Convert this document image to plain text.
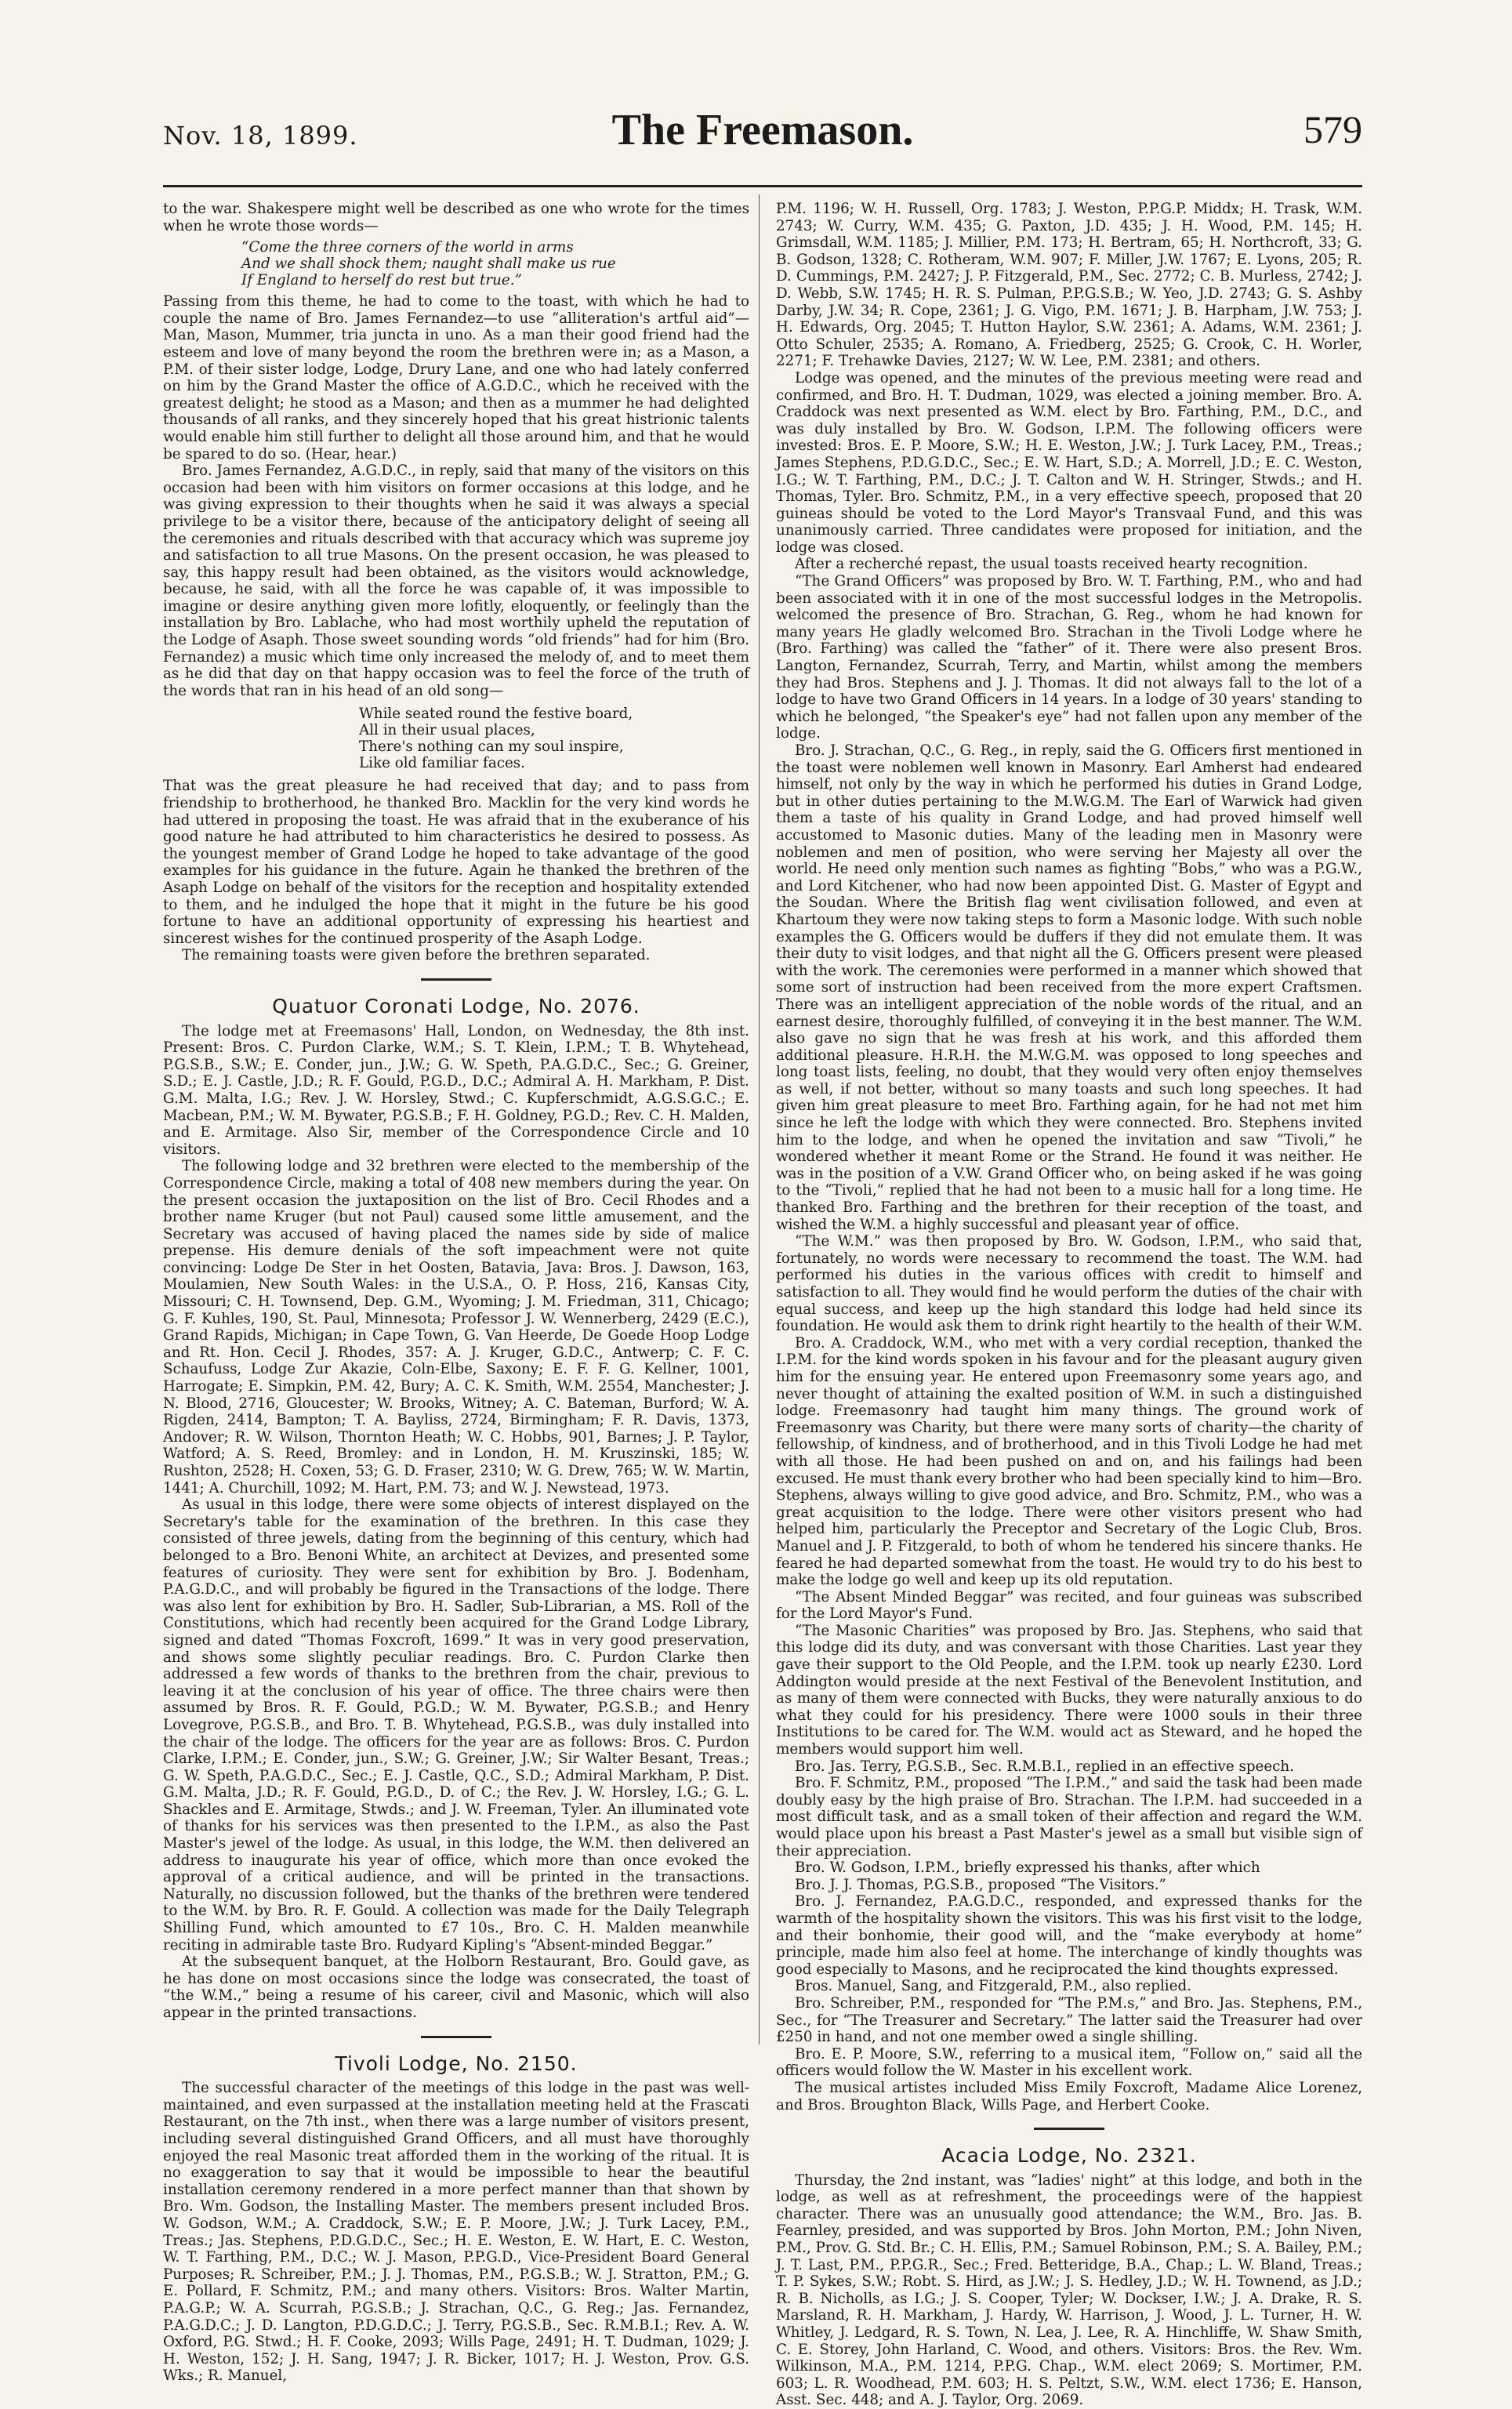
Nov. 18, 1899.	The Freemason.	579

to the war. Shakespere might well be described as one who wrote for the times when he wrote those words—

“Come the three corners of the world in arms
And we shall shock them; naught shall make us rue
If England to herself do rest but true.”

Passing from this theme, he had to come to the toast, with which he had to couple the name of Bro. James Fernandez—to use “alliteration's artful aid”—Man, Mason, Mummer, tria juncta in uno. As a man their good friend had the esteem and love of many beyond the room the brethren were in; as a Mason, a P.M. of their sister lodge, Lodge, Drury Lane, and one who had lately conferred on him by the Grand Master the office of A.G.D.C., which he received with the greatest delight; he stood as a Mason; and then as a mummer he had delighted thousands of all ranks, and they sincerely hoped that his great histrionic talents would enable him still further to delight all those around him, and that he would be spared to do so. (Hear, hear.)

Bro. James Fernandez, A.G.D.C., in reply, said that many of the visitors on this occasion had been with him visitors on former occasions at this lodge, and he was giving expression to their thoughts when he said it was always a special privilege to be a visitor there, because of the anticipatory delight of seeing all the ceremonies and rituals described with that accuracy which was supreme joy and satisfaction to all true Masons. On the present occasion, he was pleased to say, this happy result had been obtained, as the visitors would acknowledge, because, he said, with all the force he was capable of, it was impossible to imagine or desire anything given more lofitly, eloquently, or feelingly than the installation by Bro. Lablache, who had most worthily upheld the reputation of the Lodge of Asaph. Those sweet sounding words “old friends” had for him (Bro. Fernandez) a music which time only increased the melody of, and to meet them as he did that day on that happy occasion was to feel the force of the truth of the words that ran in his head of an old song—

While seated round the festive board,
All in their usual places,
There's nothing can my soul inspire,
Like old familiar faces.

That was the great pleasure he had received that day; and to pass from friendship to brotherhood, he thanked Bro. Macklin for the very kind words he had uttered in proposing the toast. He was afraid that in the exuberance of his good nature he had attributed to him characteristics he desired to possess. As the youngest member of Grand Lodge he hoped to take advantage of the good examples for his guidance in the future. Again he thanked the brethren of the Asaph Lodge on behalf of the visitors for the reception and hospitality extended to them, and he indulged the hope that it might in the future be his good fortune to have an additional opportunity of expressing his heartiest and sincerest wishes for the continued prosperity of the Asaph Lodge.

The remaining toasts were given before the brethren separated.

Quatuor Coronati Lodge, No. 2076.

The lodge met at Freemasons' Hall, London, on Wednesday, the 8th inst. Present: Bros. C. Purdon Clarke, W.M.; S. T. Klein, I.P.M.; T. B. Whytehead, P.G.S.B., S.W.; E. Conder, jun., J.W.; G. W. Speth, P.A.G.D.C., Sec.; G. Greiner, S.D.; E. J. Castle, J.D.; R. F. Gould, P.G.D., D.C.; Admiral A. H. Markham, P. Dist. G.M. Malta, I.G.; Rev. J. W. Horsley, Stwd.; C. Kupferschmidt, A.G.S.G.C.; E. Macbean, P.M.; W. M. Bywater, P.G.S.B.; F. H. Goldney, P.G.D.; Rev. C. H. Malden, and E. Armitage. Also Sir, member of the Correspondence Circle and 10 visitors.

The following lodge and 32 brethren were elected to the membership of the Correspondence Circle, making a total of 408 new members during the year. On the present occasion the juxtaposition on the list of Bro. Cecil Rhodes and a brother name Kruger (but not Paul) caused some little amusement, and the Secretary was accused of having placed the names side by side of malice prepense. His demure denials of the soft impeachment were not quite convincing: Lodge De Ster in het Oosten, Batavia, Java: Bros. J. Dawson, 163, Moulamien, New South Wales: in the U.S.A., O. P. Hoss, 216, Kansas City, Missouri; C. H. Townsend, Dep. G.M., Wyoming; J. M. Friedman, 311, Chicago; G. F. Kuhles, 190, St. Paul, Minnesota; Professor J. W. Wennerberg, 2429 (E.C.), Grand Rapids, Michigan; in Cape Town, G. Van Heerde, De Goede Hoop Lodge and Rt. Hon. Cecil J. Rhodes, 357: A. J. Kruger, G.D.C., Antwerp; C. F. C. Schaufuss, Lodge Zur Akazie, Coln-Elbe, Saxony; E. F. F. G. Kellner, 1001, Harrogate; E. Simpkin, P.M. 42, Bury; A. C. K. Smith, W.M. 2554, Manchester; J. N. Blood, 2716, Gloucester; W. Brooks, Witney; A. C. Bateman, Burford; W. A. Rigden, 2414, Bampton; T. A. Bayliss, 2724, Birmingham; F. R. Davis, 1373, Andover; R. W. Wilson, Thornton Heath; W. C. Hobbs, 901, Barnes; J. P. Taylor, Watford; A. S. Reed, Bromley: and in London, H. M. Kruszinski, 185; W. Rushton, 2528; H. Coxen, 53; G. D. Fraser, 2310; W. G. Drew, 765; W. W. Martin, 1441; A. Churchill, 1092; M. Hart, P.M. 73; and W. J. Newstead, 1973.

As usual in this lodge, there were some objects of interest displayed on the Secretary's table for the examination of the brethren. In this case they consisted of three jewels, dating from the beginning of this century, which had belonged to a Bro. Benoni White, an architect at Devizes, and presented some features of curiosity. They were sent for exhibition by Bro. J. Bodenham, P.A.G.D.C., and will probably be figured in the Transactions of the lodge. There was also lent for exhibition by Bro. H. Sadler, Sub-Librarian, a MS. Roll of the Constitutions, which had recently been acquired for the Grand Lodge Library, signed and dated “Thomas Foxcroft, 1699.” It was in very good preservation, and shows some slightly peculiar readings. Bro. C. Purdon Clarke then addressed a few words of thanks to the brethren from the chair, previous to leaving it at the conclusion of his year of office. The three chairs were then assumed by Bros. R. F. Gould, P.G.D.; W. M. Bywater, P.G.S.B.; and Henry Lovegrove, P.G.S.B., and Bro. T. B. Whytehead, P.G.S.B., was duly installed into the chair of the lodge. The officers for the year are as follows: Bros. C. Purdon Clarke, I.P.M.; E. Conder, jun., S.W.; G. Greiner, J.W.; Sir Walter Besant, Treas.; G. W. Speth, P.A.G.D.C., Sec.; E. J. Castle, Q.C., S.D.; Admiral Markham, P. Dist. G.M. Malta, J.D.; R. F. Gould, P.G.D., D. of C.; the Rev. J. W. Horsley, I.G.; G. L. Shackles and E. Armitage, Stwds.; and J. W. Freeman, Tyler. An illuminated vote of thanks for his services was then presented to the I.P.M., as also the Past Master's jewel of the lodge. As usual, in this lodge, the W.M. then delivered an address to inaugurate his year of office, which more than once evoked the approval of a critical audience, and will be printed in the transactions. Naturally, no discussion followed, but the thanks of the brethren were tendered to the W.M. by Bro. R. F. Gould. A collection was made for the Daily Telegraph Shilling Fund, which amounted to £7 10s., Bro. C. H. Malden meanwhile reciting in admirable taste Bro. Rudyard Kipling's “Absent-minded Beggar.”

At the subsequent banquet, at the Holborn Restaurant, Bro. Gould gave, as he has done on most occasions since the lodge was consecrated, the toast of “the W.M.,” being a resume of his career, civil and Masonic, which will also appear in the printed transactions.

Tivoli Lodge, No. 2150.

The successful character of the meetings of this lodge in the past was well-maintained, and even surpassed at the installation meeting held at the Frascati Restaurant, on the 7th inst., when there was a large number of visitors present, including several distinguished Grand Officers, and all must have thoroughly enjoyed the real Masonic treat afforded them in the working of the ritual. It is no exaggeration to say that it would be impossible to hear the beautiful installation ceremony rendered in a more perfect manner than that shown by Bro. Wm. Godson, the Installing Master. The members present included Bros. W. Godson, W.M.; A. Craddock, S.W.; E. P. Moore, J.W.; J. Turk Lacey, P.M., Treas.; Jas. Stephens, P.D.G.D.C., Sec.; H. E. Weston, E. W. Hart, E. C. Weston, W. T. Farthing, P.M., D.C.; W. J. Mason, P.P.G.D., Vice-President Board General Purposes; R. Schreiber, P.M.; J. J. Thomas, P.M., P.G.S.B.; W. J. Stratton, P.M.; G. E. Pollard, F. Schmitz, P.M.; and many others. Visitors: Bros. Walter Martin, P.A.G.P.; W. A. Scurrah, P.G.S.B.; J. Strachan, Q.C., G. Reg.; Jas. Fernandez, P.A.G.D.C.; J. D. Langton, P.D.G.D.C.; J. Terry, P.G.S.B., Sec. R.M.B.I.; Rev. A. W. Oxford, P.G. Stwd.; H. F. Cooke, 2093; Wills Page, 2491; H. T. Dudman, 1029; J. H. Weston, 152; J. H. Sang, 1947; J. R. Bicker, 1017; H. J. Weston, Prov. G.S. Wks.; R. Manuel,

P.M. 1196; W. H. Russell, Org. 1783; J. Weston, P.P.G.P. Middx; H. Trask, W.M. 2743; W. Curry, W.M. 435; G. Paxton, J.D. 435; J. H. Wood, P.M. 145; H. Grimsdall, W.M. 1185; J. Millier, P.M. 173; H. Bertram, 65; H. Northcroft, 33; G. B. Godson, 1328; C. Rotheram, W.M. 907; F. Miller, J.W. 1767; E. Lyons, 205; R. D. Cummings, P.M. 2427; J. P. Fitzgerald, P.M., Sec. 2772; C. B. Murless, 2742; J. D. Webb, S.W. 1745; H. R. S. Pulman, P.P.G.S.B.; W. Yeo, J.D. 2743; G. S. Ashby Darby, J.W. 34; R. Cope, 2361; J. G. Vigo, P.M. 1671; J. B. Harpham, J.W. 753; J. H. Edwards, Org. 2045; T. Hutton Haylor, S.W. 2361; A. Adams, W.M. 2361; J. Otto Schuler, 2535; A. Romano, A. Friedberg, 2525; G. Crook, C. H. Worler, 2271; F. Trehawke Davies, 2127; W. W. Lee, P.M. 2381; and others.

Lodge was opened, and the minutes of the previous meeting were read and confirmed, and Bro. H. T. Dudman, 1029, was elected a joining member. Bro. A. Craddock was next presented as W.M. elect by Bro. Farthing, P.M., D.C., and was duly installed by Bro. W. Godson, I.P.M. The following officers were invested: Bros. E. P. Moore, S.W.; H. E. Weston, J.W.; J. Turk Lacey, P.M., Treas.; James Stephens, P.D.G.D.C., Sec.; E. W. Hart, S.D.; A. Morrell, J.D.; E. C. Weston, I.G.; W. T. Farthing, P.M., D.C.; J. T. Calton and W. H. Stringer, Stwds.; and H. Thomas, Tyler. Bro. Schmitz, P.M., in a very effective speech, proposed that 20 guineas should be voted to the Lord Mayor's Transvaal Fund, and this was unanimously carried. Three candidates were proposed for initiation, and the lodge was closed.

After a recherché repast, the usual toasts received hearty recognition.

“The Grand Officers” was proposed by Bro. W. T. Farthing, P.M., who and had been associated with it in one of the most successful lodges in the Metropolis. welcomed the presence of Bro. Strachan, G. Reg., whom he had known for many years He gladly welcomed Bro. Strachan in the Tivoli Lodge where he (Bro. Farthing) was called the “father” of it. There were also present Bros. Langton, Fernandez, Scurrah, Terry, and Martin, whilst among the members they had Bros. Stephens and J. J. Thomas. It did not always fall to the lot of a lodge to have two Grand Officers in 14 years. In a lodge of 30 years' standing to which he belonged, “the Speaker's eye” had not fallen upon any member of the lodge.

Bro. J. Strachan, Q.C., G. Reg., in reply, said the G. Officers first mentioned in the toast were noblemen well known in Masonry. Earl Amherst had endeared himself, not only by the way in which he performed his duties in Grand Lodge, but in other duties pertaining to the M.W.G.M. The Earl of Warwick had given them a taste of his quality in Grand Lodge, and had proved himself well accustomed to Masonic duties. Many of the leading men in Masonry were noblemen and men of position, who were serving her Majesty all over the world. He need only mention such names as fighting “Bobs,” who was a P.G.W., and Lord Kitchener, who had now been appointed Dist. G. Master of Egypt and the Soudan. Where the British flag went civilisation followed, and even at Khartoum they were now taking steps to form a Masonic lodge. With such noble examples the G. Officers would be duffers if they did not emulate them. It was their duty to visit lodges, and that night all the G. Officers present were pleased with the work. The ceremonies were performed in a manner which showed that some sort of instruction had been received from the more expert Craftsmen. There was an intelligent appreciation of the noble words of the ritual, and an earnest desire, thoroughly fulfilled, of conveying it in the best manner. The W.M. also gave no sign that he was fresh at his work, and this afforded them additional pleasure. H.R.H. the M.W.G.M. was opposed to long speeches and long toast lists, feeling, no doubt, that they would very often enjoy themselves as well, if not better, without so many toasts and such long speeches. It had given him great pleasure to meet Bro. Farthing again, for he had not met him since he left the lodge with which they were connected. Bro. Stephens invited him to the lodge, and when he opened the invitation and saw “Tivoli,” he wondered whether it meant Rome or the Strand. He found it was neither. He was in the position of a V.W. Grand Officer who, on being asked if he was going to the “Tivoli,” replied that he had not been to a music hall for a long time. He thanked Bro. Farthing and the brethren for their reception of the toast, and wished the W.M. a highly successful and pleasant year of office.

“The W.M.” was then proposed by Bro. W. Godson, I.P.M., who said that, fortunately, no words were necessary to recommend the toast. The W.M. had performed his duties in the various offices with credit to himself and satisfaction to all. They would find he would perform the duties of the chair with equal success, and keep up the high standard this lodge had held since its foundation. He would ask them to drink right heartily to the health of their W.M.

Bro. A. Craddock, W.M., who met with a very cordial reception, thanked the I.P.M. for the kind words spoken in his favour and for the pleasant augury given him for the ensuing year. He entered upon Freemasonry some years ago, and never thought of attaining the exalted position of W.M. in such a distinguished lodge. Freemasonry had taught him many things. The ground work of Freemasonry was Charity, but there were many sorts of charity—the charity of fellowship, of kindness, and of brotherhood, and in this Tivoli Lodge he had met with all those. He had been pushed on and on, and his failings had been excused. He must thank every brother who had been specially kind to him—Bro. Stephens, always willing to give good advice, and Bro. Schmitz, P.M., who was a great acquisition to the lodge. There were other visitors present who had helped him, particularly the Preceptor and Secretary of the Logic Club, Bros. Manuel and J. P. Fitzgerald, to both of whom he tendered his sincere thanks. He feared he had departed somewhat from the toast. He would try to do his best to make the lodge go well and keep up its old reputation.

“The Absent Minded Beggar” was recited, and four guineas was subscribed for the Lord Mayor's Fund.

“The Masonic Charities” was proposed by Bro. Jas. Stephens, who said that this lodge did its duty, and was conversant with those Charities. Last year they gave their support to the Old People, and the I.P.M. took up nearly £230. Lord Addington would preside at the next Festival of the Benevolent Institution, and as many of them were connected with Bucks, they were naturally anxious to do what they could for his presidency. There were 1000 souls in their three Institutions to be cared for. The W.M. would act as Steward, and he hoped the members would support him well.

Bro. Jas. Terry, P.G.S.B., Sec. R.M.B.I., replied in an effective speech.

Bro. F. Schmitz, P.M., proposed “The I.P.M.,” and said the task had been made doubly easy by the high praise of Bro. Strachan. The I.P.M. had succeeded in a most difficult task, and as a small token of their affection and regard the W.M. would place upon his breast a Past Master's jewel as a small but visible sign of their appreciation.

Bro. W. Godson, I.P.M., briefly expressed his thanks, after which

Bro. J. J. Thomas, P.G.S.B., proposed “The Visitors.”

Bro. J. Fernandez, P.A.G.D.C., responded, and expressed thanks for the warmth of the hospitality shown the visitors. This was his first visit to the lodge, and their bonhomie, their good will, and the “make everybody at home” principle, made him also feel at home. The interchange of kindly thoughts was good especially to Masons, and he reciprocated the kind thoughts expressed.

Bros. Manuel, Sang, and Fitzgerald, P.M., also replied.

Bro. Schreiber, P.M., responded for “The P.M.s,” and Bro. Jas. Stephens, P.M., Sec., for “The Treasurer and Secretary.” The latter said the Treasurer had over £250 in hand, and not one member owed a single shilling.

Bro. E. P. Moore, S.W., referring to a musical item, “Follow on,” said all the officers would follow the W. Master in his excellent work.

The musical artistes included Miss Emily Foxcroft, Madame Alice Lorenez, and Bros. Broughton Black, Wills Page, and Herbert Cooke.

Acacia Lodge, No. 2321.

Thursday, the 2nd instant, was “ladies' night” at this lodge, and both in the lodge, as well as at refreshment, the proceedings were of the happiest character. There was an unusually good attendance; the W.M., Bro. Jas. B. Fearnley, presided, and was supported by Bros. John Morton, P.M.; John Niven, P.M., Prov. G. Std. Br.; C. H. Ellis, P.M.; Samuel Robinson, P.M.; S. A. Bailey, P.M.; J. T. Last, P.M., P.P.G.R., Sec.; Fred. Betteridge, B.A., Chap.; L. W. Bland, Treas.; T. P. Sykes, S.W.; Robt. S. Hird, as J.W.; J. S. Hedley, J.D.; W. H. Townend, as J.D.; R. B. Nicholls, as I.G.; J. S. Cooper, Tyler; W. Dockser, I.W.; J. A. Drake, R. S. Marsland, R. H. Markham, J. Hardy, W. Harrison, J. Wood, J. L. Turner, H. W. Whitley, J. Ledgard, R. S. Town, N. Lea, J. Lee, R. A. Hinchliffe, W. Shaw Smith, C. E. Storey, John Harland, C. Wood, and others. Visitors: Bros. the Rev. Wm. Wilkinson, M.A., P.M. 1214, P.P.G. Chap., W.M. elect 2069; S. Mortimer, P.M. 603; L. R. Woodhead, P.M. 603; H. S. Peltzt, S.W., W.M. elect 1736; E. Hanson, Asst. Sec. 448; and A. J. Taylor, Org. 2069.
